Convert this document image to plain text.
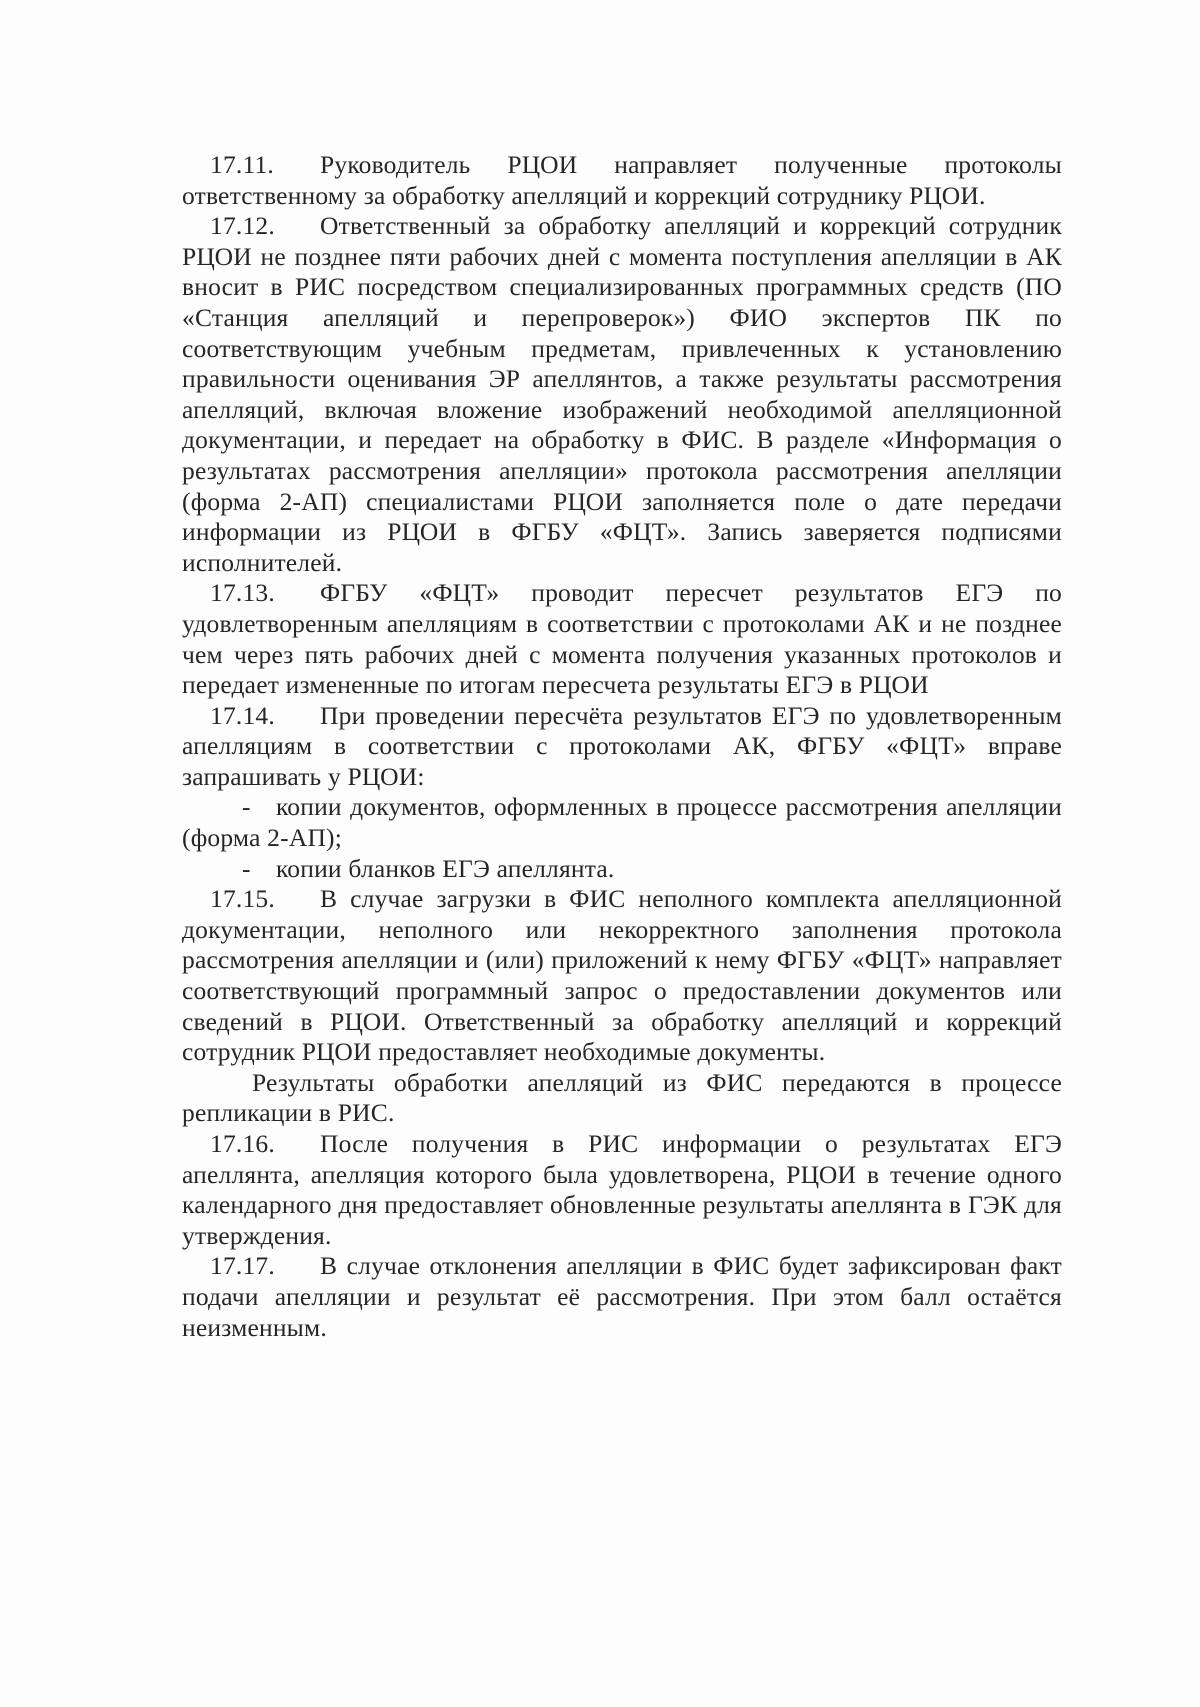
17.11. Руководитель РЦОИ направляет полученные протоколы ответственному за обработку апелляций и коррекций сотруднику РЦОИ.

17.12. Ответственный за обработку апелляций и коррекций сотрудник РЦОИ не позднее пяти рабочих дней с момента поступления апелляции в АК вносит в РИС посредством специализированных программных средств (ПО «Станция апелляций и перепроверок») ФИО экспертов ПК по соответствующим учебным предметам, привлеченных к установлению правильности оценивания ЭР апеллянтов, а также результаты рассмотрения апелляций, включая вложение изображений необходимой апелляционной документации, и передает на обработку в ФИС. В разделе «Информация о результатах рассмотрения апелляции» протокола рассмотрения апелляции (форма 2-АП) специалистами РЦОИ заполняется поле о дате передачи информации из РЦОИ в ФГБУ «ФЦТ». Запись заверяется подписями исполнителей.

17.13. ФГБУ «ФЦТ» проводит пересчет результатов ЕГЭ по удовлетворенным апелляциям в соответствии с протоколами АК и не позднее чем через пять рабочих дней с момента получения указанных протоколов и передает измененные по итогам пересчета результаты ЕГЭ в РЦОИ

17.14. При проведении пересчёта результатов ЕГЭ по удовлетворенным апелляциям в соответствии с протоколами АК, ФГБУ «ФЦТ» вправе запрашивать у РЦОИ:

- копии документов, оформленных в процессе рассмотрения апелляции (форма 2-АП);

- копии бланков ЕГЭ апеллянта.

17.15. В случае загрузки в ФИС неполного комплекта апелляционной документации, неполного или некорректного заполнения протокола рассмотрения апелляции и (или) приложений к нему ФГБУ «ФЦТ» направляет соответствующий программный запрос о предоставлении документов или сведений в РЦОИ. Ответственный за обработку апелляций и коррекций сотрудник РЦОИ предоставляет необходимые документы.

Результаты обработки апелляций из ФИС передаются в процессе репликации в РИС.

17.16. После получения в РИС информации о результатах ЕГЭ апеллянта, апелляция которого была удовлетворена, РЦОИ в течение одного календарного дня предоставляет обновленные результаты апеллянта в ГЭК для утверждения.

17.17. В случае отклонения апелляции в ФИС будет зафиксирован факт подачи апелляции и результат её рассмотрения. При этом балл остаётся неизменным.
